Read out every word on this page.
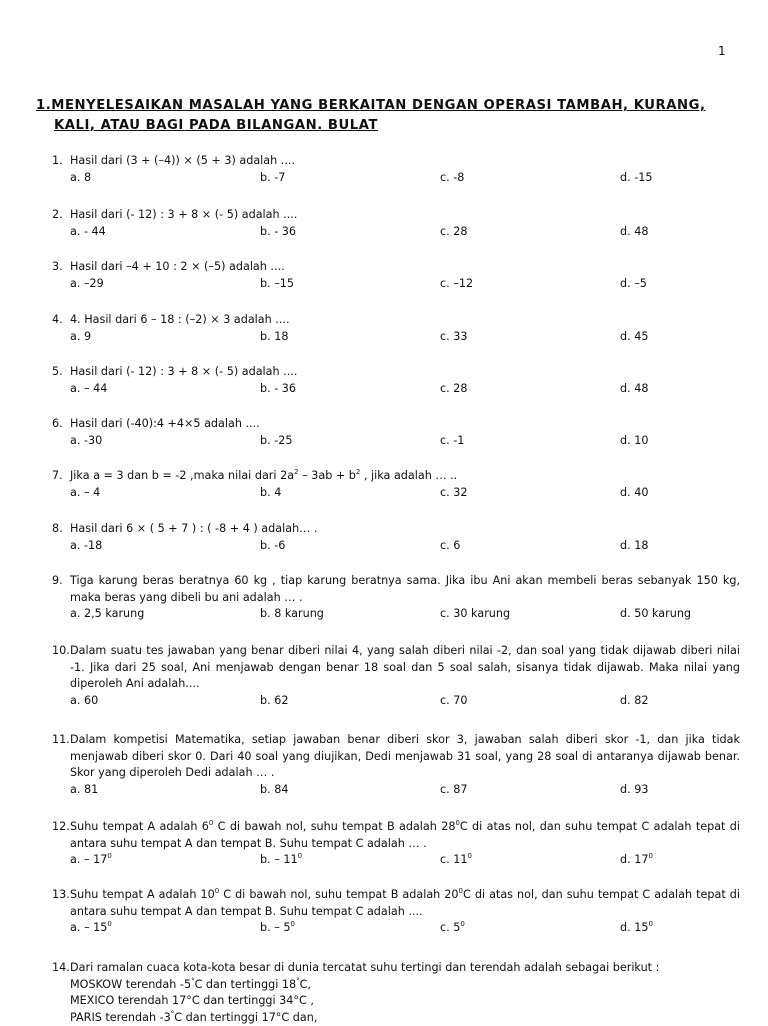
1
1.MENYELESAIKAN MASALAH YANG BERKAITAN DENGAN OPERASI TAMBAH, KURANG,
KALI, ATAU BAGI PADA BILANGAN. BULAT
1. Hasil dari (3 + (–4)) × (5 + 3) adalah ....
a. 8	b. -7	c. -8	d. -15
2. Hasil dari (- 12) : 3 + 8 × (- 5) adalah ....
a. - 44	b. - 36	c. 28	d. 48
3. Hasil dari –4 + 10 : 2 × (–5) adalah ....
a. –29	b. –15	c. –12	d. –5
4. 4. Hasil dari 6 – 18 : (–2) × 3 adalah ....
a. 9	b. 18	c. 33	d. 45
5. Hasil dari (- 12) : 3 + 8 × (- 5) adalah ....
a. – 44	b. - 36	c. 28	d. 48
6. Hasil dari (-40):4 +4×5 adalah ....
a. -30	b. -25	c. -1	d. 10
7. Jika a = 3 dan b = -2 ,maka nilai dari $2a^2 - 3ab + b^2$ , jika adalah … ..
a. – 4	b. 4	c. 32	d. 40
8. Hasil dari 6 × ( 5 + 7 ) : ( -8 + 4 ) adalah… .
a. -18	b. -6	c. 6	d. 18
9. Tiga karung beras beratnya 60 kg , tiap karung beratnya sama. Jika ibu Ani akan membeli beras sebanyak 150 kg, maka beras yang dibeli bu ani adalah … .
a. 2,5 karung	b. 8 karung	c. 30 karung	d. 50 karung
10. Dalam suatu tes jawaban yang benar diberi nilai 4, yang salah diberi nilai -2, dan soal yang tidak dijawab diberi nilai -1. Jika dari 25 soal, Ani menjawab dengan benar 18 soal dan 5 soal salah, sisanya tidak dijawab. Maka nilai yang diperoleh Ani adalah....
a. 60	b. 62	c. 70	d. 82
11. Dalam kompetisi Matematika, setiap jawaban benar diberi skor 3, jawaban salah diberi skor -1, dan jika tidak menjawab diberi skor 0. Dari 40 soal yang diujikan, Dedi menjawab 31 soal, yang 28 soal di antaranya dijawab benar. Skor yang diperoleh Dedi adalah … .
a. 81	b. 84	c. 87	d. 93
12. Suhu tempat A adalah $6^0$ C di bawah nol, suhu tempat B adalah $28^0C$ di atas nol, dan suhu tempat C adalah tepat di antara suhu tempat A dan tempat B. Suhu tempat C adalah … .
a. – $17^0$	b. – $11^0$	c. $11^0$	d. $17^0$
13. Suhu tempat A adalah $10^0$ C di bawah nol, suhu tempat B adalah $20^0C$ di atas nol, dan suhu tempat C adalah tepat di antara suhu tempat A dan tempat B. Suhu tempat C adalah ....
a. – $15^0$	b. – $5^0$	c. $5^0$	d. $15^0$
14. Dari ramalan cuaca kota-kota besar di dunia tercatat suhu tertingi dan terendah adalah sebagai berikut :
MOSKOW terendah -5°C dan tertinggi 18°C,
MEXICO terendah 17°C dan tertinggi 34°C ,
PARIS terendah -3°C dan tertinggi 17°C dan,
